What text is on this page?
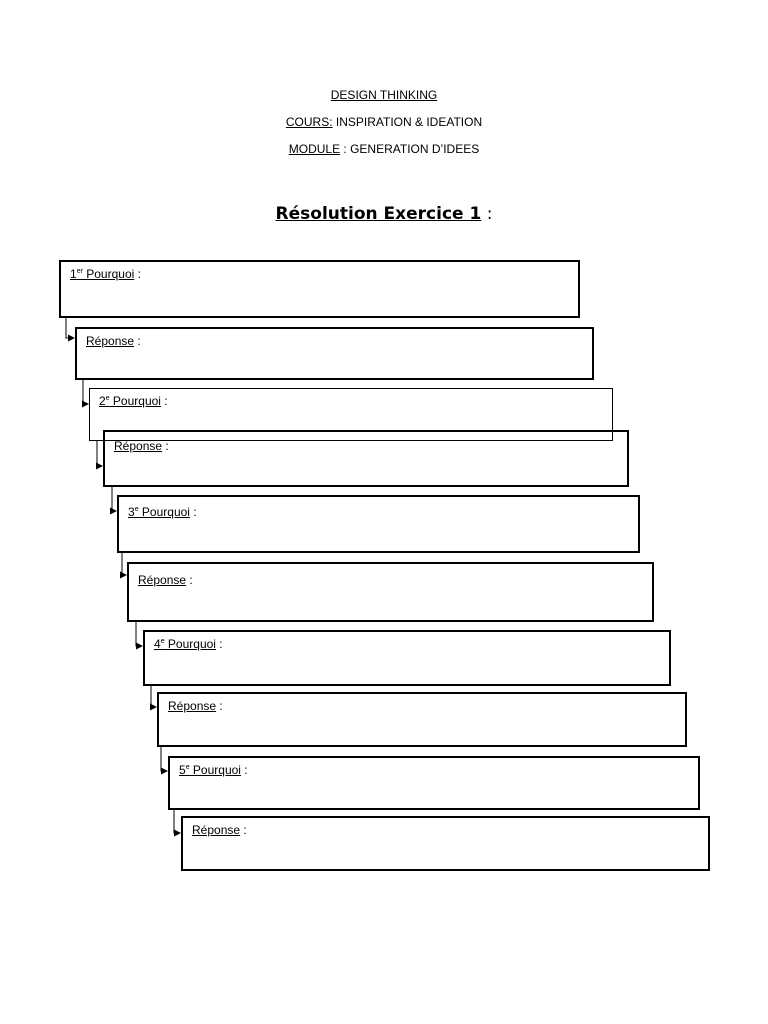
DESIGN THINKING
COURS: INSPIRATION & IDEATION
MODULE : GENERATION D’IDEES
Résolution Exercice 1 :
1er Pourquoi :
Réponse :
2e Pourquoi :
Réponse :
3e Pourquoi :
Réponse :
4e Pourquoi :
Réponse :
5e Pourquoi :
Réponse :
